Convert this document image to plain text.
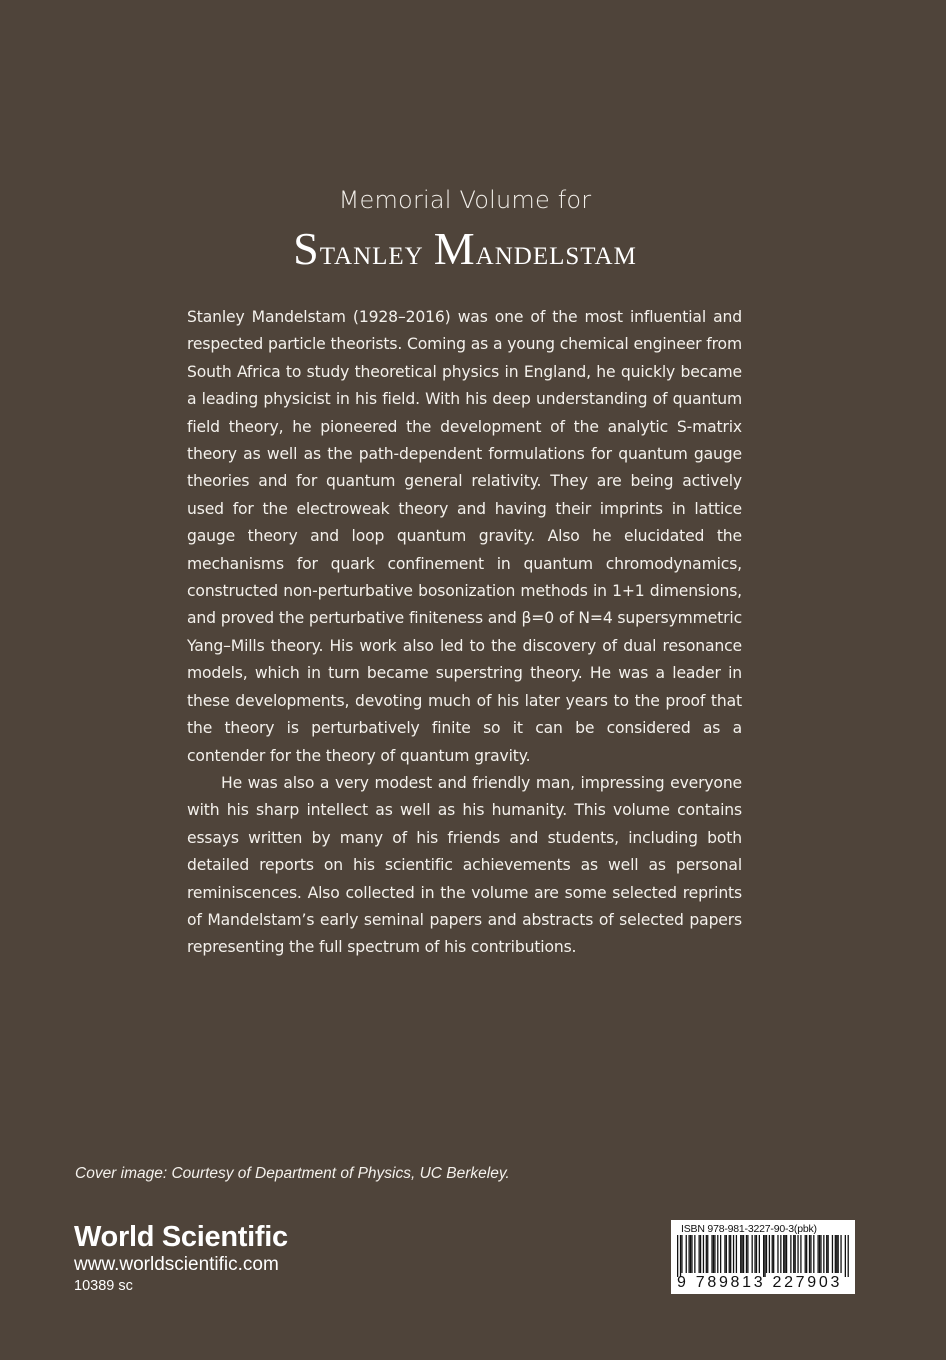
Memorial Volume for
Stanley Mandelstam

Stanley Mandelstam (1928–2016) was one of the most influential and respected particle theorists. Coming as a young chemical engineer from South Africa to study theoretical physics in England, he quickly became a leading physicist in his field. With his deep understanding of quantum field theory, he pioneered the development of the analytic S-matrix theory as well as the path-dependent formulations for quantum gauge theories and for quantum general relativity. They are being actively used for the electroweak theory and having their imprints in lattice gauge theory and loop quantum gravity. Also he elucidated the mechanisms for quark confinement in quantum chromodynamics, constructed non-perturbative bosonization methods in 1+1 dimensions, and proved the perturbative finiteness and β=0 of N=4 supersymmetric Yang–Mills theory. His work also led to the discovery of dual resonance models, which in turn became superstring theory. He was a leader in these developments, devoting much of his later years to the proof that the theory is perturbatively finite so it can be considered as a contender for the theory of quantum gravity.

He was also a very modest and friendly man, impressing everyone with his sharp intellect as well as his humanity. This volume contains essays written by many of his friends and students, including both detailed reports on his scientific achievements as well as personal reminiscences. Also collected in the volume are some selected reprints of Mandelstam’s early seminal papers and abstracts of selected papers representing the full spectrum of his contributions.

Cover image: Courtesy of Department of Physics, UC Berkeley.
World Scientific
www.worldscientific.com
10389 sc
ISBN 978-981-3227-90-3(pbk)
9 789813 227903
